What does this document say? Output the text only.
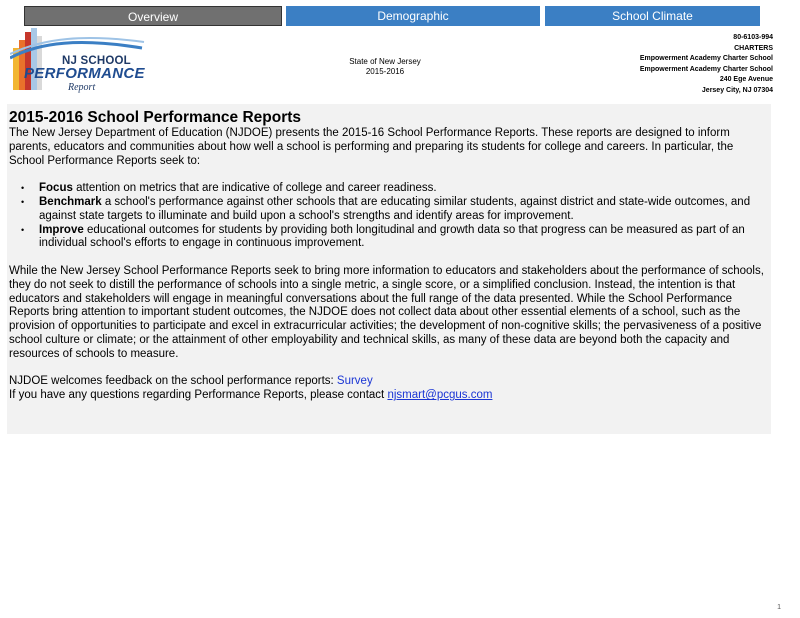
Overview	Demographic	School Climate
NJ SCHOOL
PERFORMANCE
Report
State of New Jersey
2015-2016
80-6103-994
CHARTERS
Empowerment Academy Charter School
Empowerment Academy Charter School
240 Ege Avenue
Jersey City, NJ 07304
2015-2016 School Performance Reports

The New Jersey Department of Education (NJDOE) presents the 2015-16 School Performance Reports. These reports are designed to inform parents, educators and communities about how well a school is performing and preparing its students for college and careers. In particular, the School Performance Reports seek to:

• Focus attention on metrics that are indicative of college and career readiness.
• Benchmark a school's performance against other schools that are educating similar students, against district and state-wide outcomes, and against state targets to illuminate and build upon a school's strengths and identify areas for improvement.
• Improve educational outcomes for students by providing both longitudinal and growth data so that progress can be measured as part of an individual school's efforts to engage in continuous improvement.

While the New Jersey School Performance Reports seek to bring more information to educators and stakeholders about the performance of schools, they do not seek to distill the performance of schools into a single metric, a single score, or a simplified conclusion. Instead, the intention is that educators and stakeholders will engage in meaningful conversations about the full range of the data presented. While the School Performance Reports bring attention to important student outcomes, the NJDOE does not collect data about other essential elements of a school, such as the provision of opportunities to participate and excel in extracurricular activities; the development of non-cognitive skills; the pervasiveness of a positive school culture or climate; or the attainment of other employability and technical skills, as many of these data are beyond both the capacity and resources of schools to measure.

NJDOE welcomes feedback on the school performance reports: Survey

If you have any questions regarding Performance Reports, please contact njsmart@pcgus.com

1
